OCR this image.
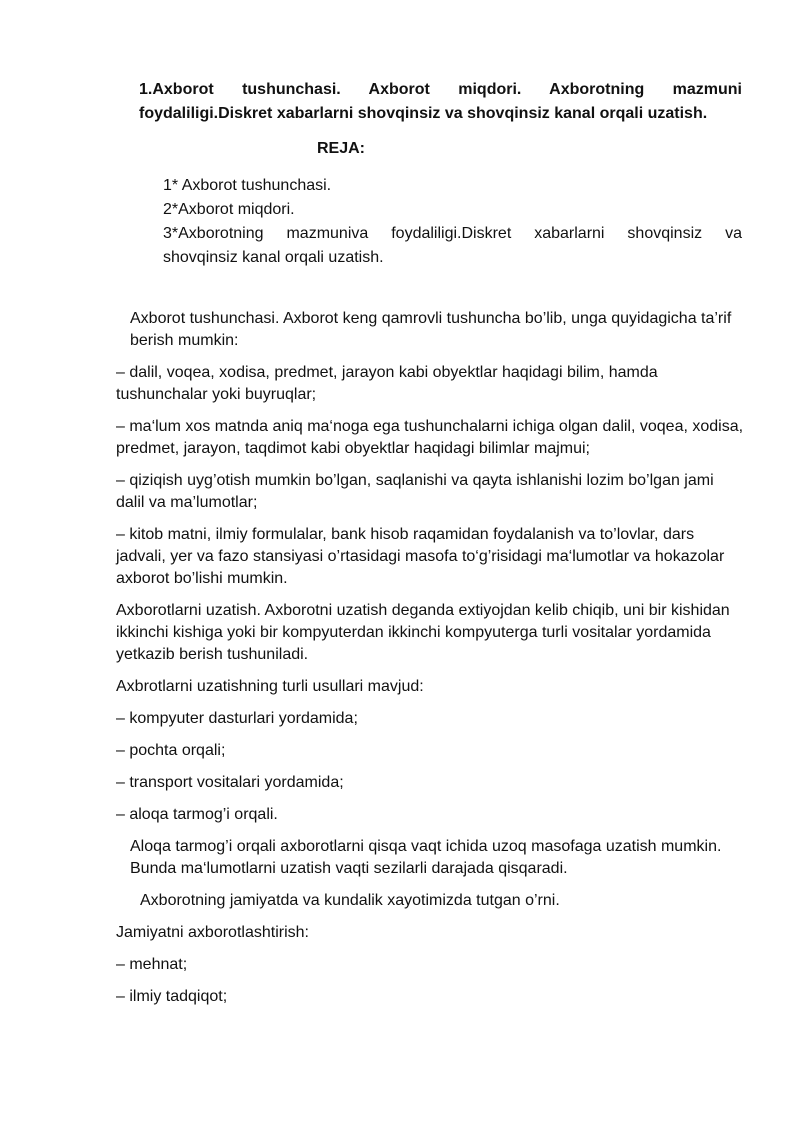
1.Axborot tushunchasi. Axborot miqdori. Axborotning mazmuni
foydaliligi.Diskret xabarlarni shovqinsiz va shovqinsiz kanal orqali uzatish.
REJA:
1* Axborot tushunchasi.
2*Axborot miqdori.
3*Axborotning mazmuniva foydaliligi.Diskret xabarlarni shovqinsiz va
shovqinsiz kanal orqali uzatish.

Axborot tushunchasi. Axborot keng qamrovli tushuncha bo’lib, unga quyidagicha ta’rif berish mumkin:

– dalil, voqea, xodisa, predmet, jarayon kabi obyektlar haqidagi bilim, hamda tushunchalar yoki buyruqlar;

– ma‘lum xos matnda aniq ma‘noga ega tushunchalarni ichiga olgan dalil, voqea, xodisa, predmet, jarayon, taqdimot kabi obyektlar haqidagi bilimlar majmui;

– qiziqish uyg’otish mumkin bo’lgan, saqlanishi va qayta ishlanishi lozim bo’lgan jami dalil va ma’lumotlar;

– kitob matni, ilmiy formulalar, bank hisob raqamidan foydalanish va to’lovlar, dars jadvali, yer va fazo stansiyasi o’rtasidagi masofa to‘g’risidagi ma‘lumotlar va hokazolar axborot bo’lishi mumkin.

Axborotlarni uzatish. Axborotni uzatish deganda extiyojdan kelib chiqib, uni bir kishidan ikkinchi kishiga yoki bir kompyuterdan ikkinchi kompyuterga turli vositalar yordamida yetkazib berish tushuniladi.

Axbrotlarni uzatishning turli usullari mavjud:

– kompyuter dasturlari yordamida;

– pochta orqali;

– transport vositalari yordamida;

– aloqa tarmog’i orqali.

Aloqa tarmog’i orqali axborotlarni qisqa vaqt ichida uzoq masofaga uzatish mumkin. Bunda ma‘lumotlarni uzatish vaqti sezilarli darajada qisqaradi.

Axborotning jamiyatda va kundalik xayotimizda tutgan o’rni.

Jamiyatni axborotlashtirish:

– mehnat;

– ilmiy tadqiqot;
